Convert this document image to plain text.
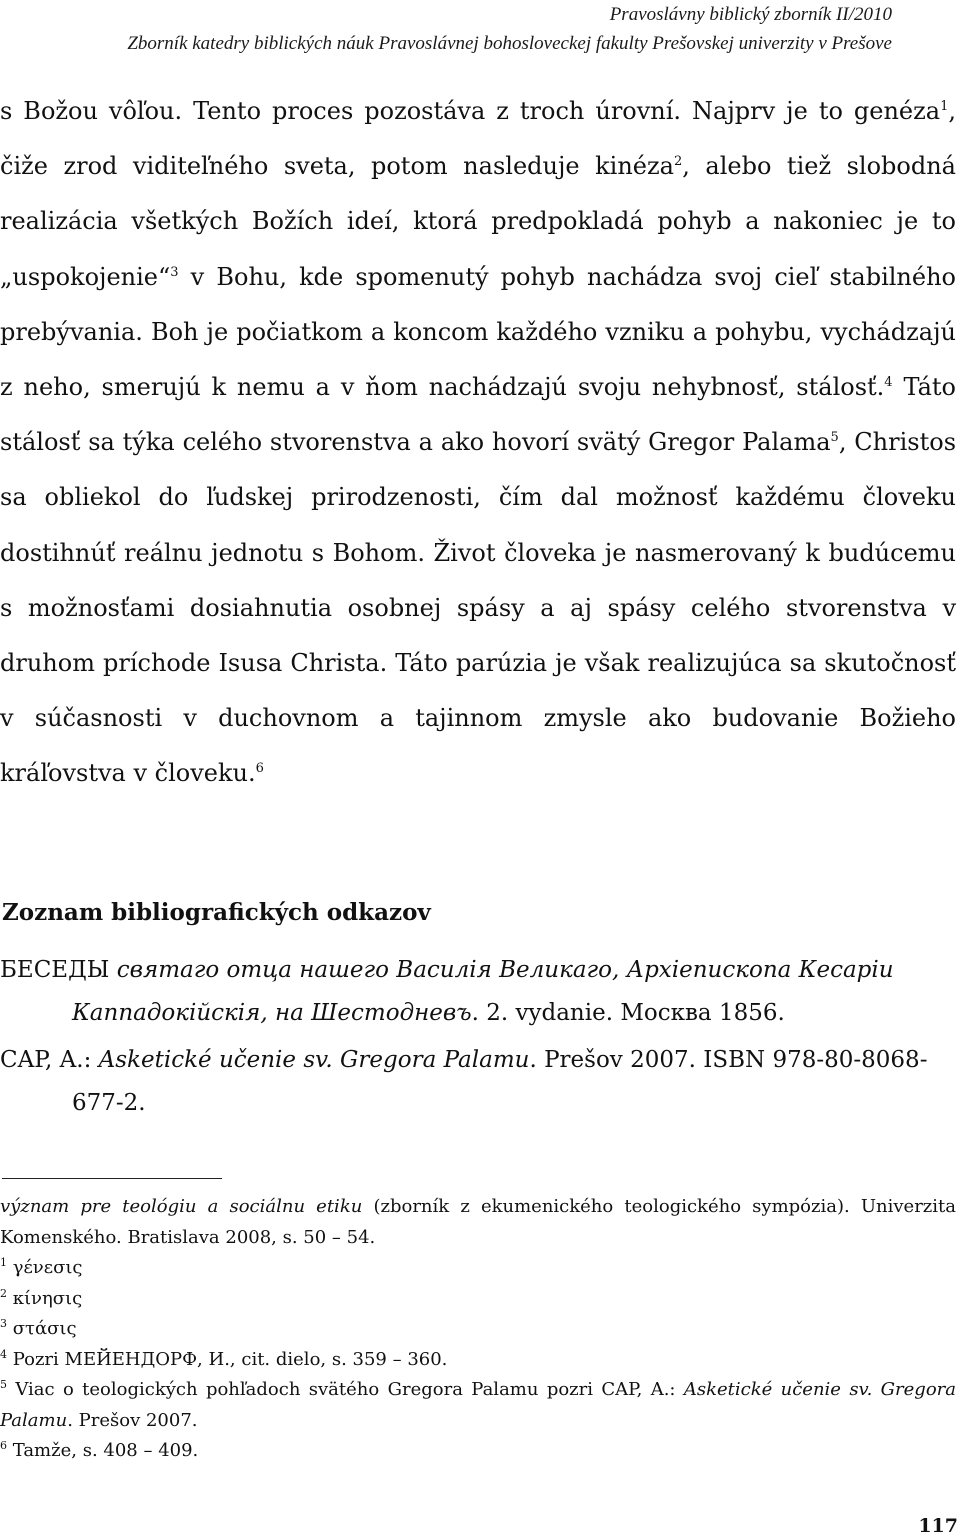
Pravoslávny biblický zborník II/2010
Zborník katedry biblických náuk Pravoslávnej bohosloveckej fakulty Prešovskej univerzity v Prešove

s Božou vôľou. Tento proces pozostáva z troch úrovní. Najprv je to genéza$^1$, čiže zrod viditeľného sveta, potom nasleduje kinéza$^2$, alebo tiež slobodná realizácia všetkých Božích ideí, ktorá predpokladá pohyb a nakoniec je to „uspokojenie“$^3$ v Bohu, kde spomenutý pohyb nachádza svoj cieľ stabilného prebývania. Boh je počiatkom a koncom každého vzniku a pohybu, vychádzajú z neho, smerujú k nemu a v ňom nachádzajú svoju nehybnosť, stálosť.$^4$ Táto stálosť sa týka celého stvorenstva a ako hovorí svätý Gregor Palama$^5$, Christos sa obliekol do ľudskej prirodzenosti, čím dal možnosť každému človeku dostihnúť reálnu jednotu s Bohom. Život človeka je nasmerovaný k budúcemu s možnosťami dosiahnutia osobnej spásy a aj spásy celého stvorenstva v druhom príchode Isusa Christa. Táto parúzia je však realizujúca sa skutočnosť v súčasnosti v duchovnom a tajinnom zmysle ako budovanie Božieho kráľovstva v človeku.$^6$

Zoznam bibliografických odkazov

БЕСЕДЫ святаго отца нашего Василія Великаго, Архіепископа Кесаріи Каппадокійскія, на Шестодневъ. 2. vydanie. Москва 1856.

CAP, A.: Asketické učenie sv. Gregora Palamu. Prešov 2007. ISBN 978-80-8068-677-2.

význam pre teológiu a sociálnu etiku (zborník z ekumenického teologického sympózia). Univerzita Komenského. Bratislava 2008, s. 50 – 54.

$^1$ γένεσις

$^2$ κίνησις

$^3$ στάσις

$^4$ Pozri МЕЙЕНДОРФ, И., cit. dielo, s. 359 – 360.

$^5$ Viac o teologických pohľadoch svätého Gregora Palamu pozri CAP, A.: Asketické učenie sv. Gregora Palamu. Prešov 2007.

$^6$ Tamže, s. 408 – 409.

117
